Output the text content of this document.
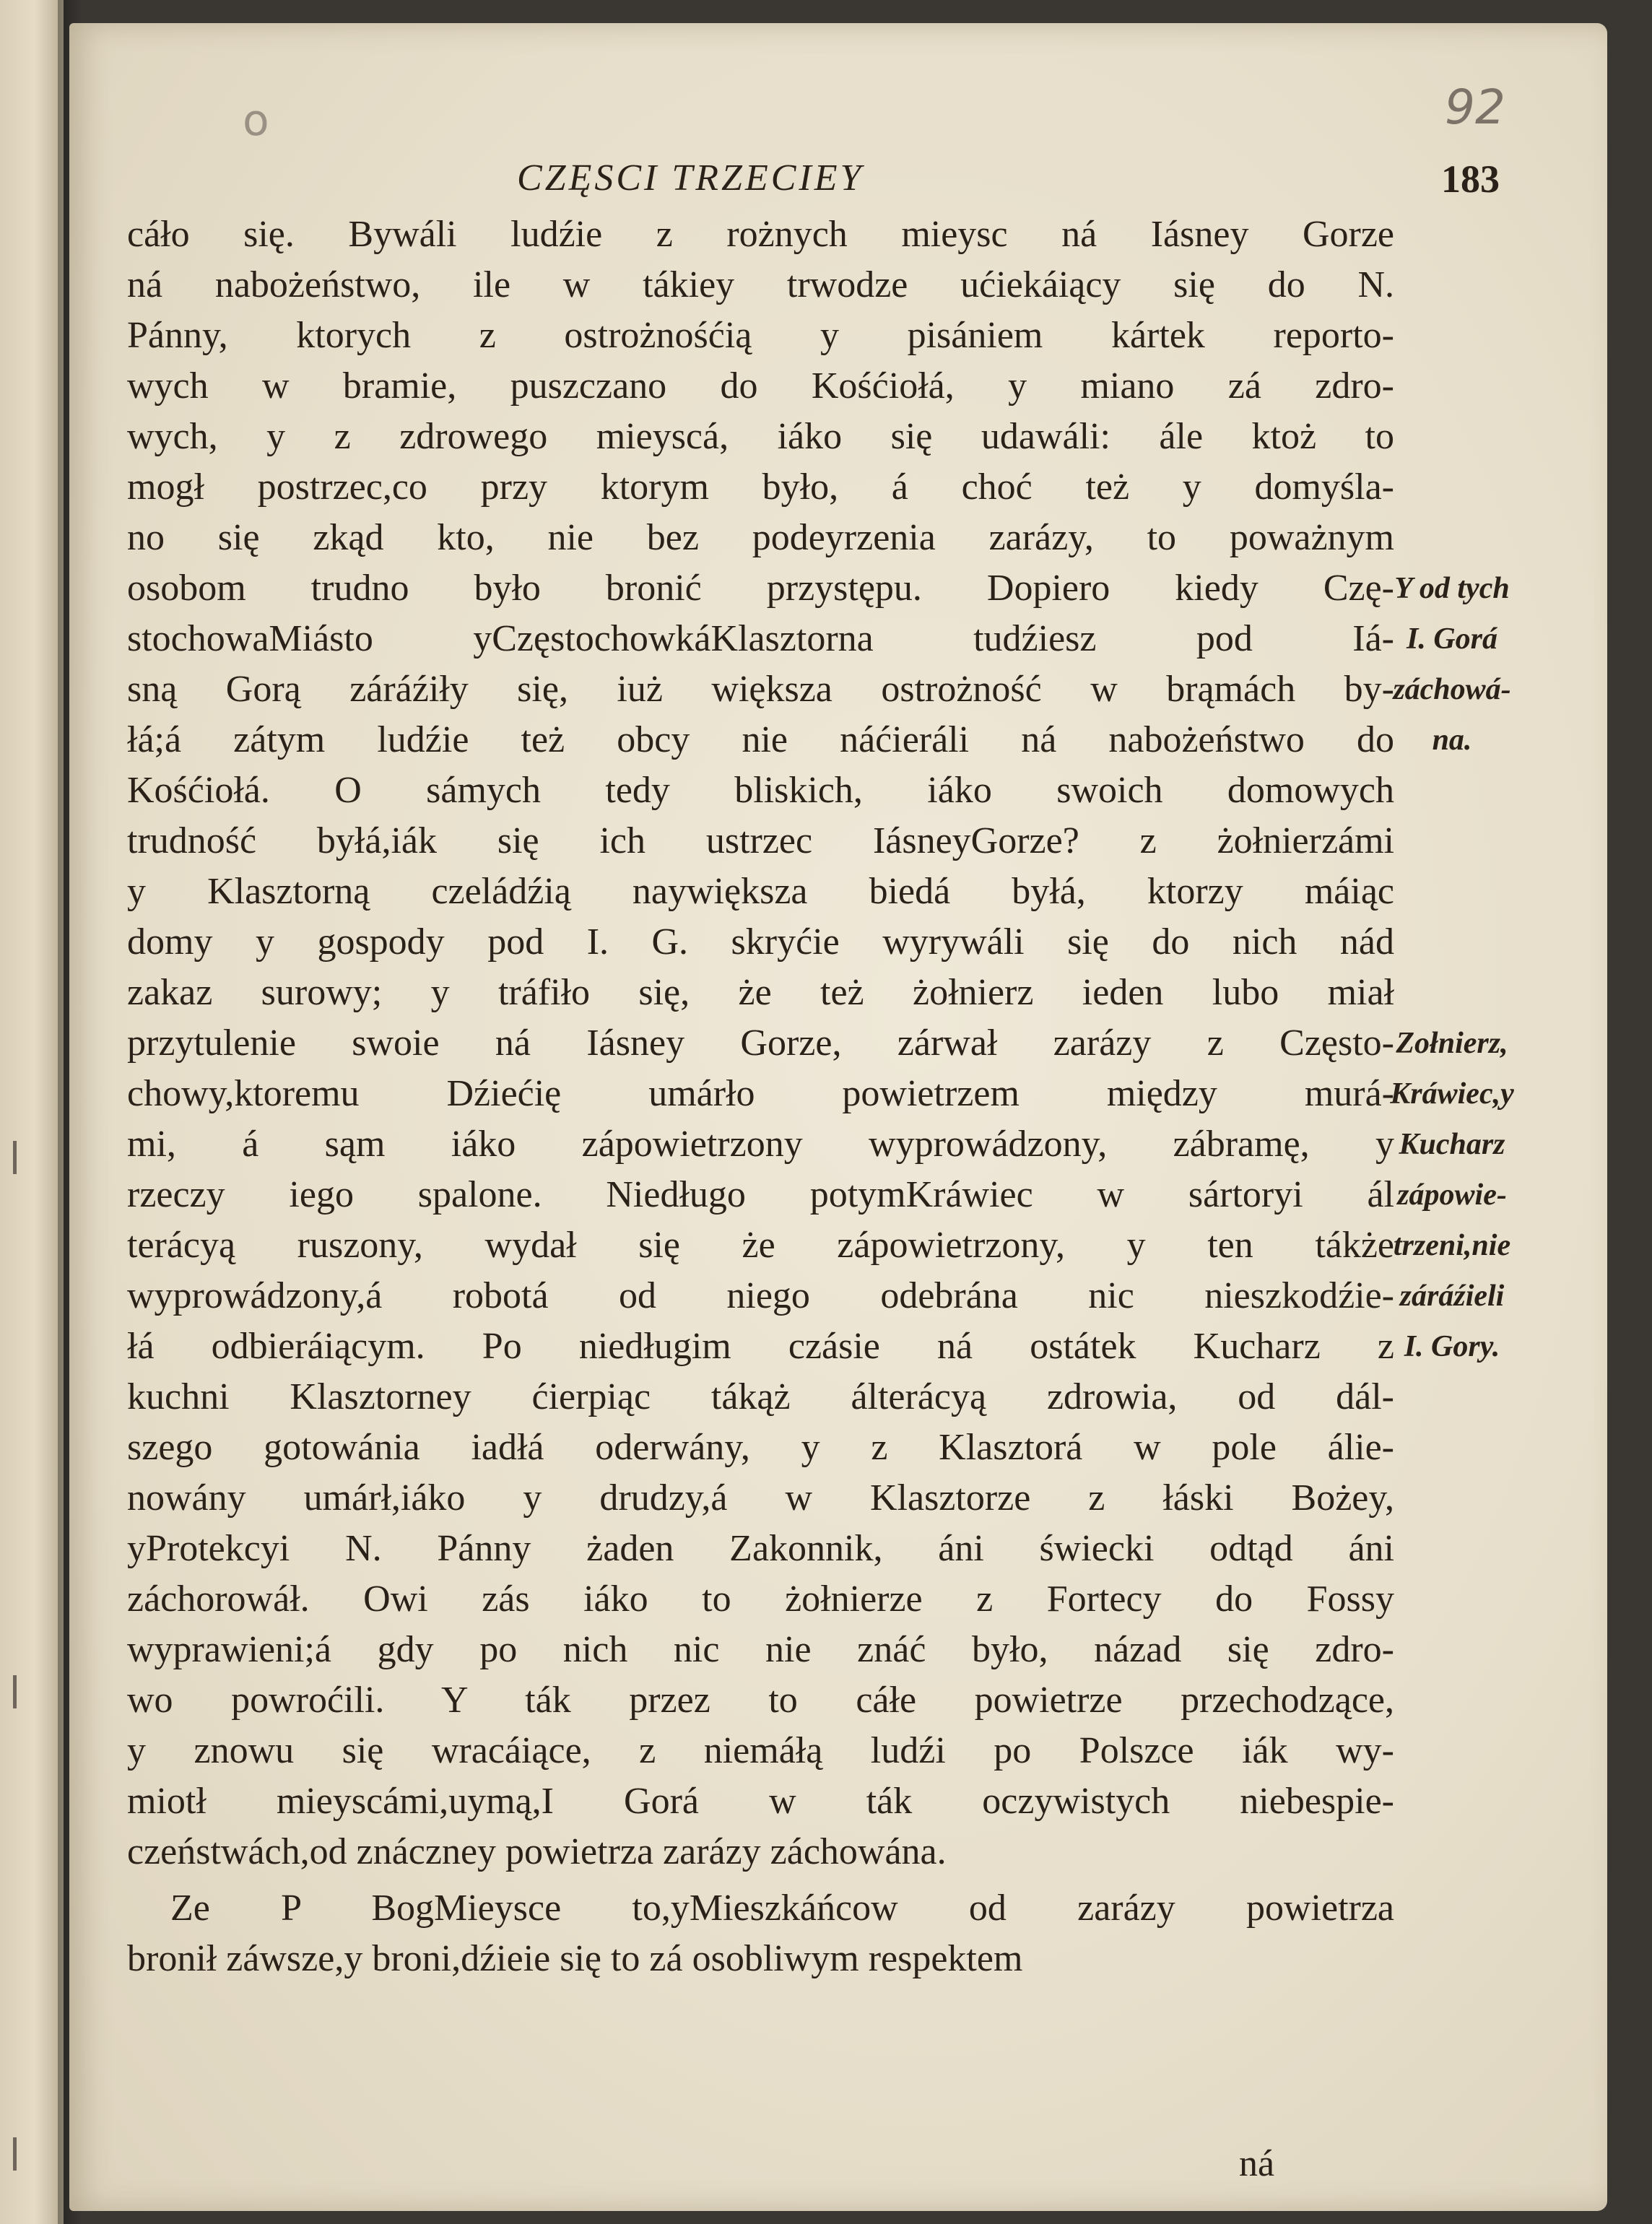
o	92
CZĘSCI TRZECIEY	183
cáło się. Bywáli ludźie z rożnych mieysc ná Iásney Gorze
ná nabożeństwo, ile w tákiey trwodze ućiekáiący się do N.
Pánny, ktorych z ostrożnośćią y pisániem kártek reporto-
wych w bramie, puszczano do Kośćiołá, y miano zá zdro-
wych, y z zdrowego mieyscá, iáko się udawáli: ále ktoż to
mogł postrzec,co przy ktorym było, á choć też y domyśla-
no się zkąd kto, nie bez podeyrzenia zarázy, to poważnym
osobom trudno było bronić przystępu. Dopiero kiedy Czę-
stochowaMiásto yCzęstochowkáKlasztorna tudźiesz pod Iá-
sną Gorą záráźiły się, iuż większa ostrożność w brąmách by-
łá;á zátym ludźie też obcy nie náćieráli ná nabożeństwo do
Kośćiołá. O sámych tedy bliskich, iáko swoich domowych
trudność byłá,iák się ich ustrzec IásneyGorze? z żołnierzámi
y Klasztorną czeládźią naywiększa biedá byłá, ktorzy máiąc
domy y gospody pod I. G. skryćie wyrywáli się do nich nád
zakaz surowy; y tráfiło się, że też żołnierz ieden lubo miał
przytulenie swoie ná Iásney Gorze, zárwał zarázy z Często-
chowy,ktoremu Dźiećię umárło powietrzem między murá-
mi, á sąm iáko zápowietrzony wyprowádzony, zábramę, y
rzeczy iego spalone. Niedługo potymKráwiec w sártoryi ál
terácyą ruszony, wydał się że zápowietrzony, y ten tákże
wyprowádzony,á robotá od niego odebrána nic nieszkodźie-
łá odbieráiącym. Po niedługim czásie ná ostátek Kucharz z
kuchni Klasztorney ćierpiąc tákąż álterácyą zdrowia, od dál-
szego gotowánia iadłá oderwány, y z Klasztorá w pole álie-
nowány umárł,iáko y drudzy,á w Klasztorze z łáski Bożey,
yProtekcyi N. Pánny żaden Zakonnik, áni świecki odtąd áni
záchorowáł. Owi zás iáko to żołnierze z Fortecy do Fossy
wyprawieni;á gdy po nich nic nie znáć było, názad się zdro-
wo powroćili. Y ták przez to cáłe powietrze przechodzące,
y znowu się wracáiące, z niemáłą ludźi po Polszce iák wy-
miotł mieyscámi,uymą,I Gorá w ták oczywistych niebespie-
czeństwách,od znáczney powietrza zarázy záchowána.
Ze P BogMieysce to,yMieszkáńcow od zarázy powietrza
bronił záwsze,y broni,dźieie się to zá osobliwym respektem
Y od tych
I. Gorá
záchowá-
na.
Zołnierz,
Kráwiec,y
Kucharz
zápowie-
trzeni,nie
záráźieli
I. Gory.
ná
